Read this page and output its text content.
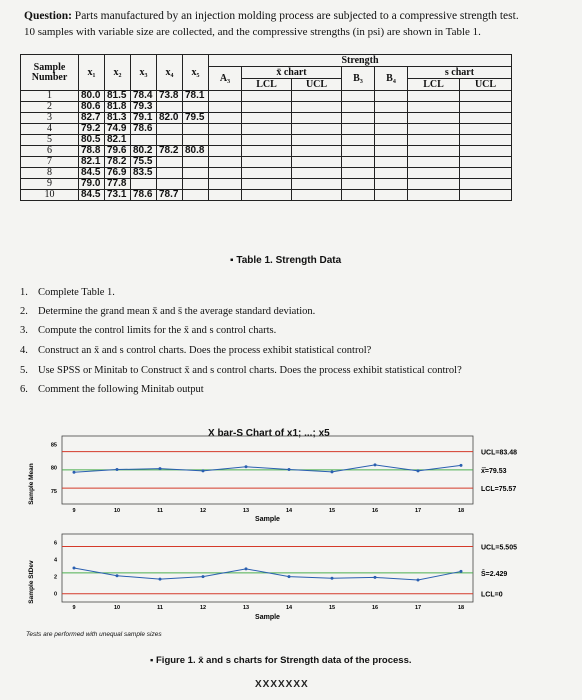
Question: Parts manufactured by an injection molding process are subjected to a compressive strength test.
10 samples with variable size are collected, and the compressive strengths (in psi) are shown in Table 1.
Sample
Number	x₁	x₂	x₃	x₄	x₅	Strength						
						A₃	x̄ chart		B₃	B₄	s chart	
							LCL	UCL			LCL	UCL
1	80.0	81.5	78.4	73.8	78.1							
2	80.6	81.8	79.3									
3	82.7	81.3	79.1	82.0	79.5							
4	79.2	74.9	78.6									
5	80.5	82.1										
6	78.8	79.6	80.2	78.2	80.8							
7	82.1	78.2	75.5									
8	84.5	76.9	83.5									
9	79.0	77.8										
10	84.5	73.1	78.6	78.7								
▪ Table 1. Strength Data
1. Complete Table 1.
2. Determine the grand mean x̄̄ and s̄ the average standard deviation.
3. Compute the control limits for the x̄ and s control charts.
4. Construct an x̄ and s control charts. Does the process exhibit statistical control?
5. Use SPSS or Minitab to Construct x̄ and s control charts. Does the process exhibit statistical control?
6. Comment the following Minitab output
X bar-S Chart of x1; ...; x5
UCL=83.48
x̄̄=79.53
LCL=75.57
85
80
75
9	10	11	12	13	14	15	16	17	18
Sample
Sample Mean
UCL=5.505
S̄=2.429
LCL=0
6
4
2
0
9	10	11	12	13	14	15	16	17	18
Sample
Sample StDev
Tests are performed with unequal sample sizes
▪ Figure 1. x̄ and s charts for Strength data of the process.
XXXXXXX
